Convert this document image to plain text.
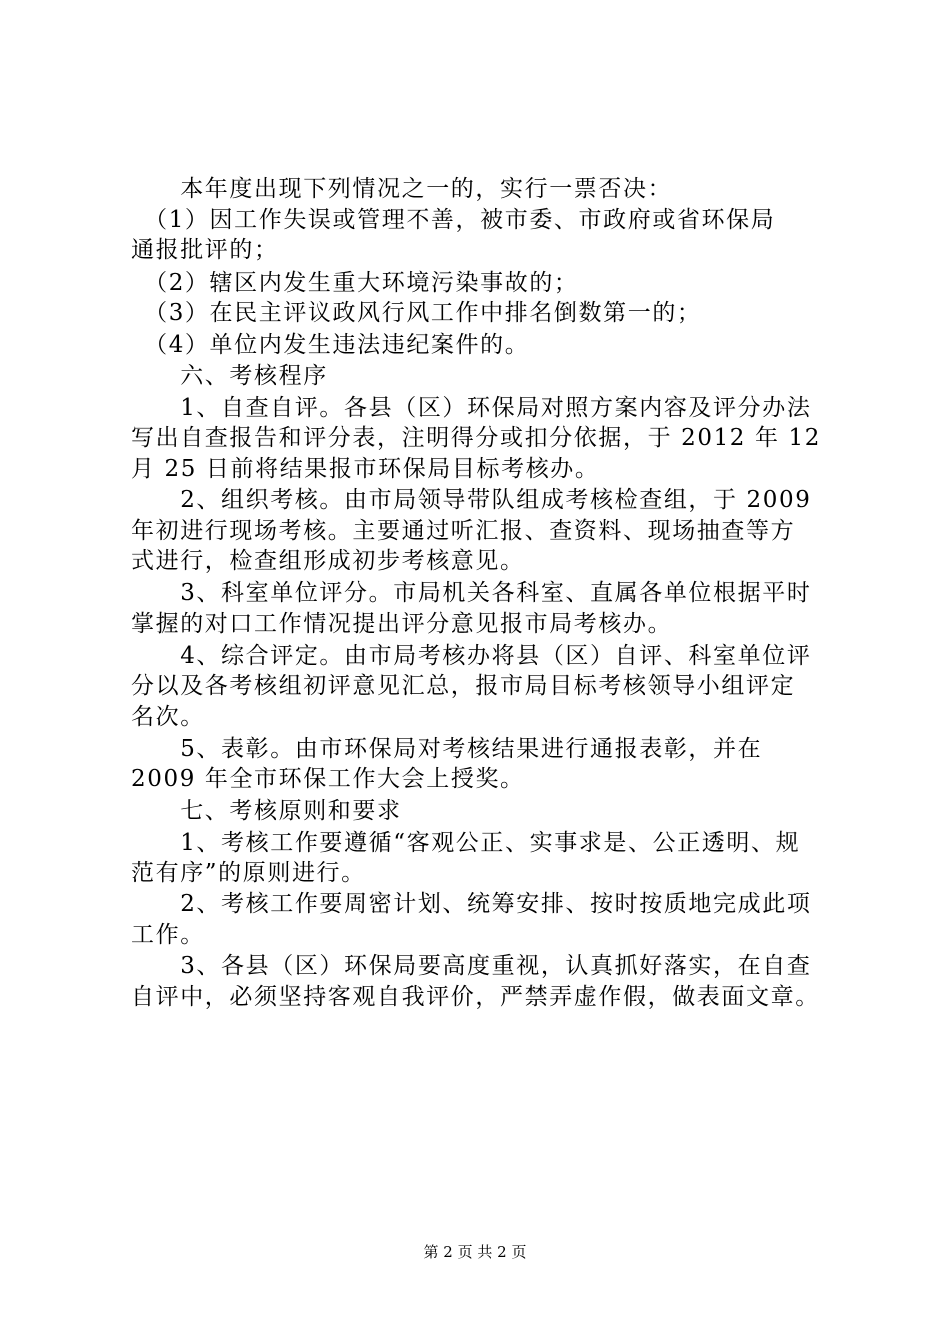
　　本年度出现下列情况之一的，实行一票否决：
　（1）因工作失误或管理不善，被市委、市政府或省环保局
通报批评的；
　（2）辖区内发生重大环境污染事故的；
　（3）在民主评议政风行风工作中排名倒数第一的；
　（4）单位内发生违法违纪案件的。
　　六、考核程序
　　1、自查自评。各县（区）环保局对照方案内容及评分办法
写出自查报告和评分表，注明得分或扣分依据，于 2012 年 12
月 25 日前将结果报市环保局目标考核办。
　　2、组织考核。由市局领导带队组成考核检查组，于 2009
年初进行现场考核。主要通过听汇报、查资料、现场抽查等方
式进行，检查组形成初步考核意见。
　　3、科室单位评分。市局机关各科室、直属各单位根据平时
掌握的对口工作情况提出评分意见报市局考核办。
　　4、综合评定。由市局考核办将县（区）自评、科室单位评
分以及各考核组初评意见汇总，报市局目标考核领导小组评定
名次。
　　5、表彰。由市环保局对考核结果进行通报表彰，并在
2009 年全市环保工作大会上授奖。
　　七、考核原则和要求
　　1、考核工作要遵循“客观公正、实事求是、公正透明、规
范有序”的原则进行。
　　2、考核工作要周密计划、统筹安排、按时按质地完成此项
工作。
　　3、各县（区）环保局要高度重视，认真抓好落实，在自查
自评中，必须坚持客观自我评价，严禁弄虚作假，做表面文章。
第 2 页 共 2 页
